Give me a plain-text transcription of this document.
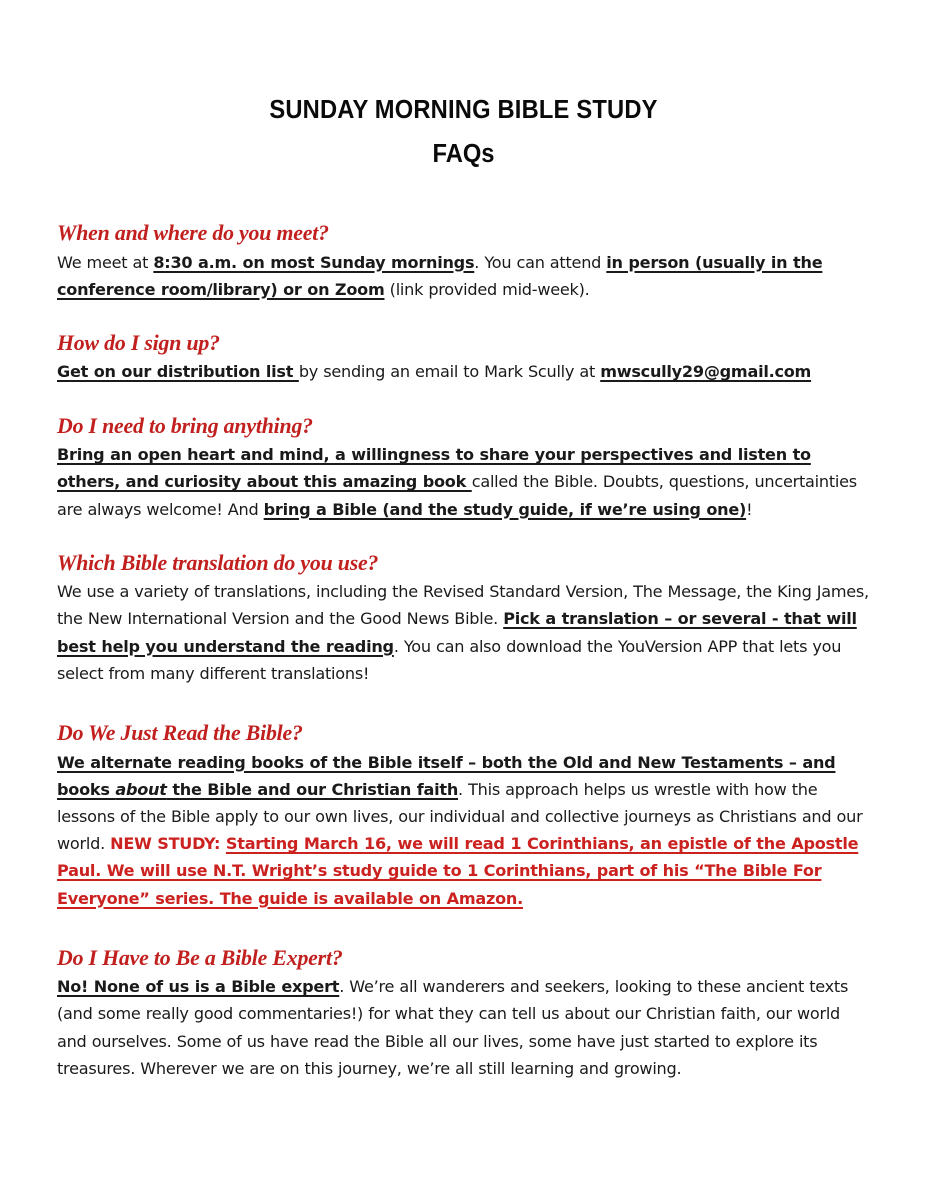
SUNDAY MORNING BIBLE STUDY
FAQs
When and where do you meet?

We meet at 8:30 a.m. on most Sunday mornings. You can attend in person (usually in the conference room/library) or on Zoom (link provided mid-week).

How do I sign up?

Get on our distribution list by sending an email to Mark Scully at mwscully29@gmail.com

Do I need to bring anything?

Bring an open heart and mind, a willingness to share your perspectives and listen to others, and curiosity about this amazing book called the Bible. Doubts, questions, uncertainties are always welcome! And bring a Bible (and the study guide, if we’re using one)!

Which Bible translation do you use?

We use a variety of translations, including the Revised Standard Version, The Message, the King James, the New International Version and the Good News Bible. Pick a translation – or several - that will best help you understand the reading. You can also download the YouVersion APP that lets you select from many different translations!

Do We Just Read the Bible?

We alternate reading books of the Bible itself – both the Old and New Testaments – and books about the Bible and our Christian faith. This approach helps us wrestle with how the lessons of the Bible apply to our own lives, our individual and collective journeys as Christians and our world. NEW STUDY: Starting March 16, we will read 1 Corinthians, an epistle of the Apostle Paul. We will use N.T. Wright’s study guide to 1 Corinthians, part of his “The Bible For Everyone” series. The guide is available on Amazon.

Do I Have to Be a Bible Expert?

No! None of us is a Bible expert. We’re all wanderers and seekers, looking to these ancient texts (and some really good commentaries!) for what they can tell us about our Christian faith, our world and ourselves. Some of us have read the Bible all our lives, some have just started to explore its treasures. Wherever we are on this journey, we’re all still learning and growing.
